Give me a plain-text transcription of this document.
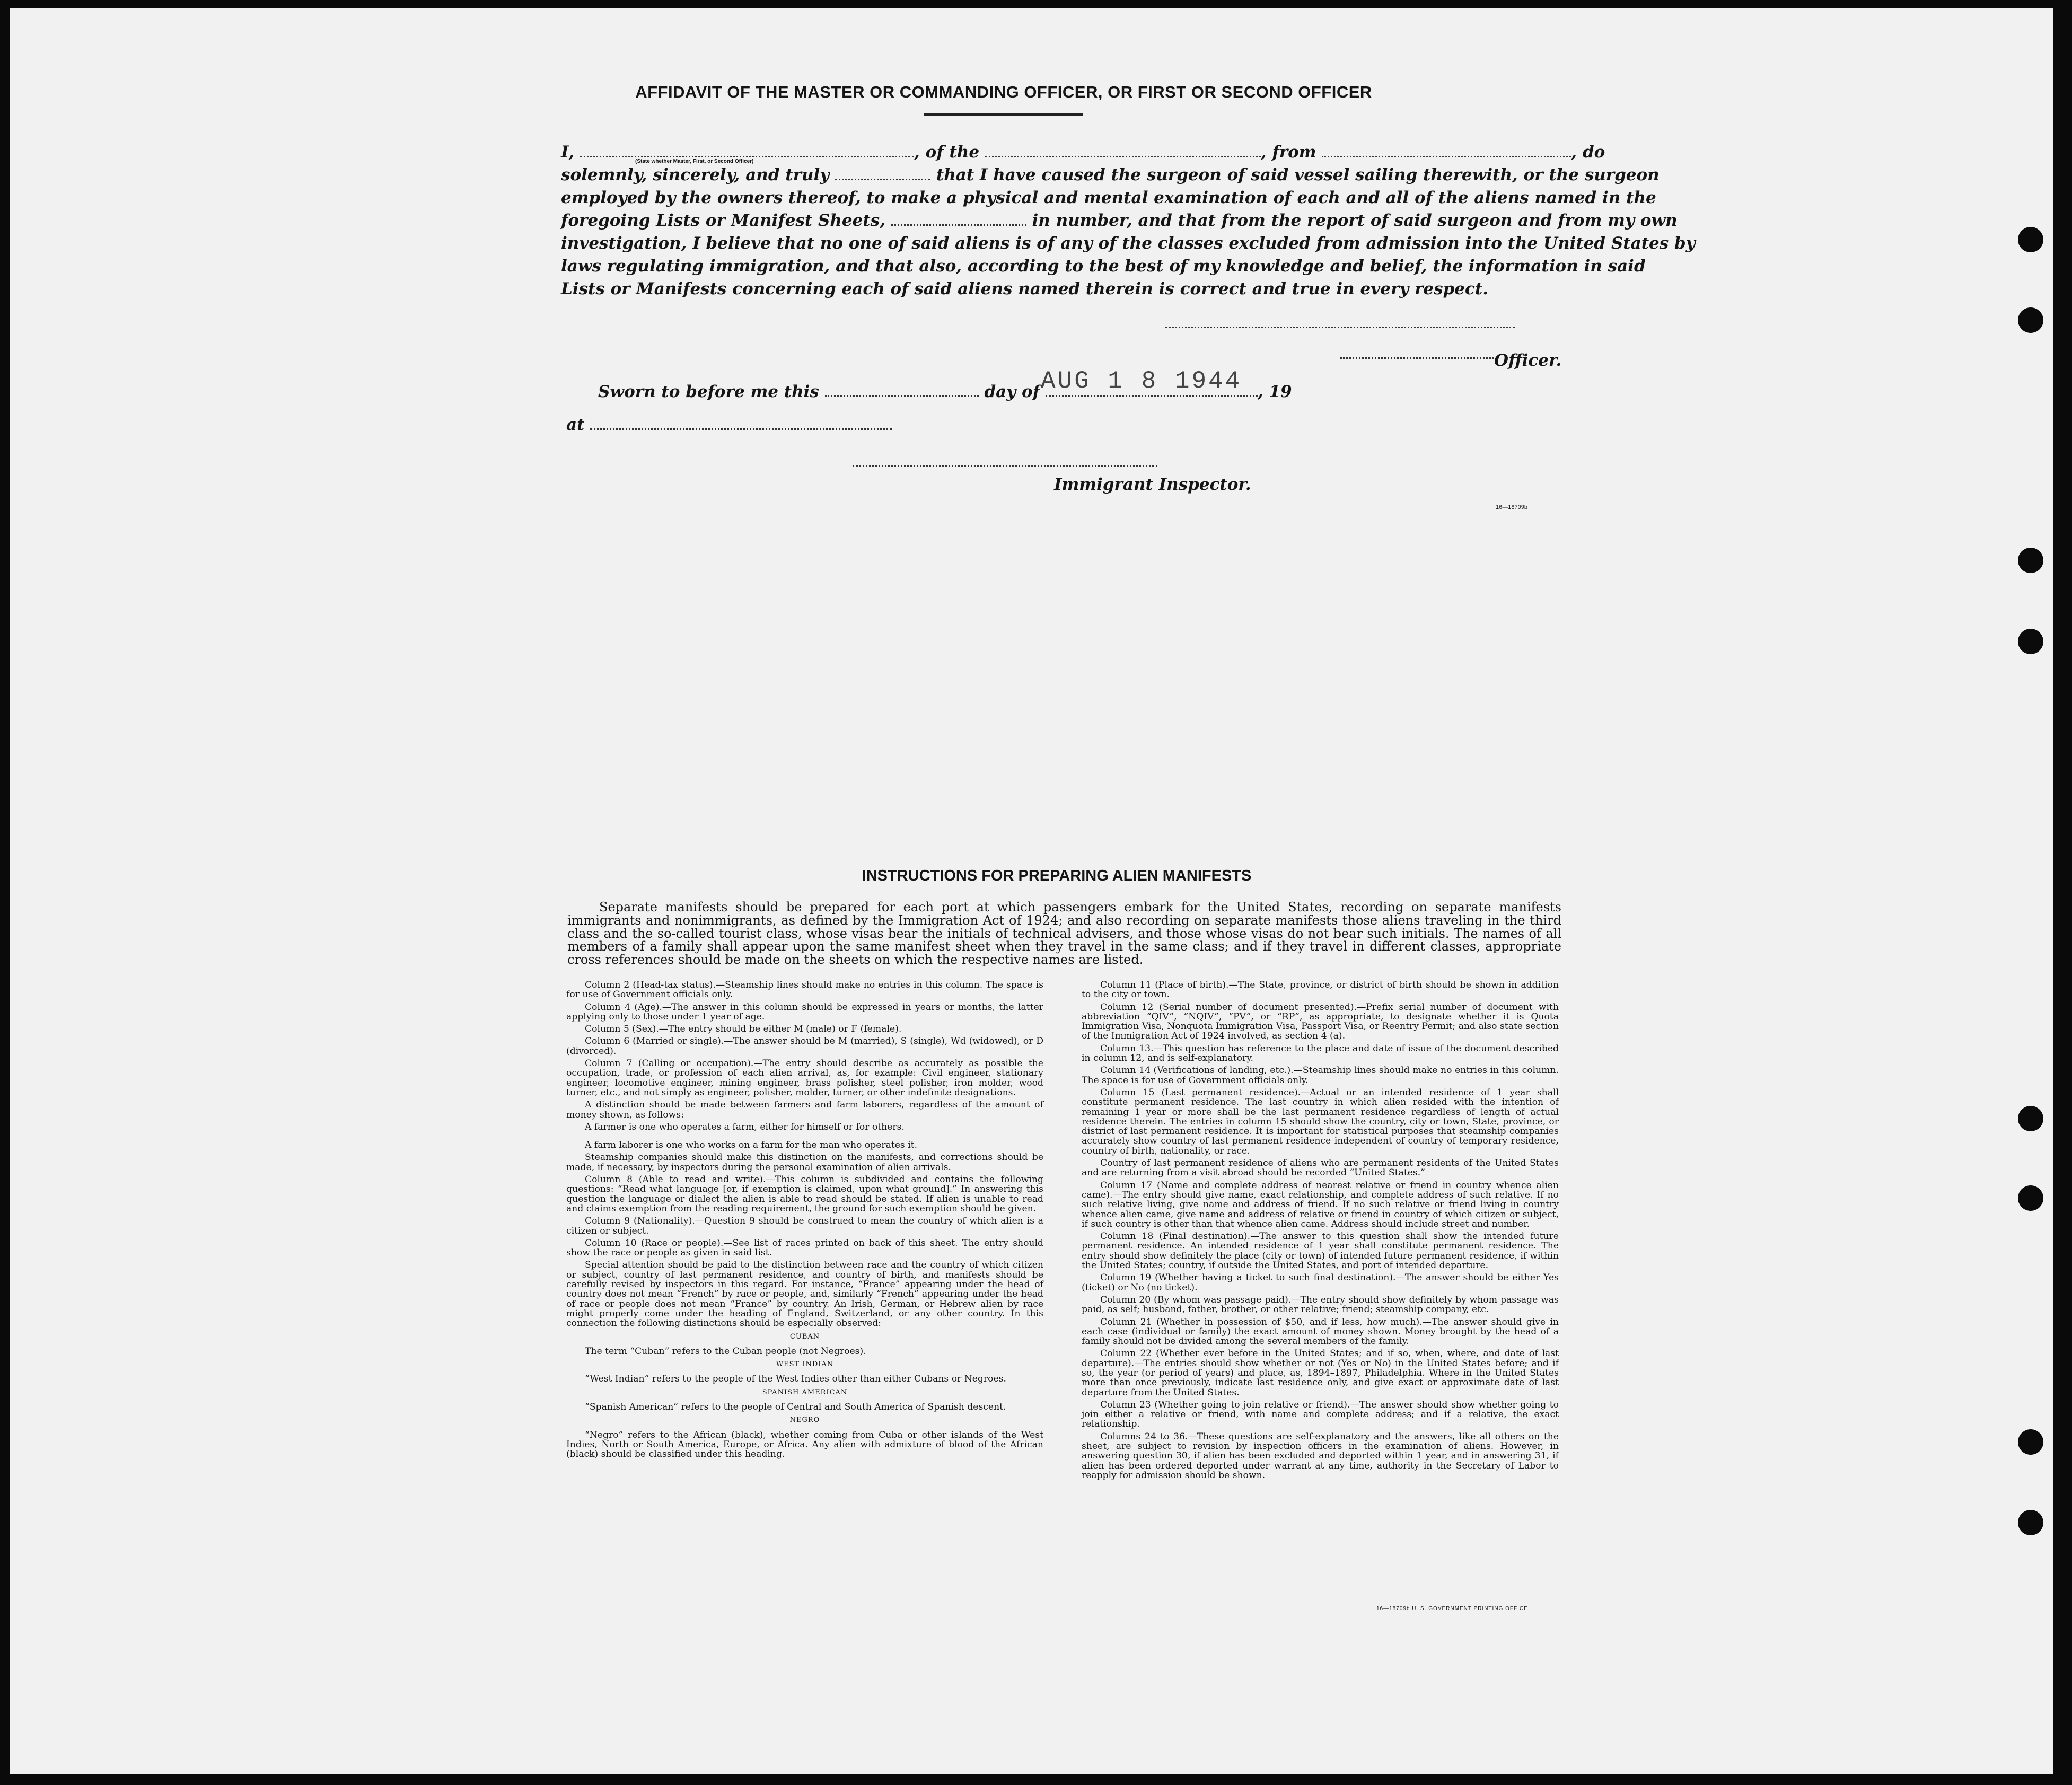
AFFIDAVIT OF THE MASTER OR COMMANDING OFFICER, OR FIRST OR SECOND OFFICER
I,	, of the	, from	, do
solemnly, sincerely, and truly	that I have caused the surgeon of said vessel sailing therewith, or the surgeon
employed by the owners thereof, to make a physical and mental examination of each and all of the aliens named in the
foregoing Lists or Manifest Sheets,	in number, and that from the report of said surgeon and from my own
investigation, I believe that no one of said aliens is of any of the classes excluded from admission into the United States by
laws regulating immigration, and that also, according to the best of my knowledge and belief, the information in said
Lists or Manifests concerning each of said aliens named therein is correct and true in every respect.
(State whether Master, First, or Second Officer)
Officer.
Sworn to before me this	day of	, 19
AUG 1 8 1944
at
Immigrant Inspector.
16—18709b
INSTRUCTIONS FOR PREPARING ALIEN MANIFESTS
Separate manifests should be prepared for each port at which passengers embark for the United States, recording on separate manifests immigrants and nonimmigrants, as defined by the Immigration Act of 1924; and also recording on separate manifests those aliens traveling in the third class and the so-called tourist class, whose visas bear the initials of technical advisers, and those whose visas do not bear such initials. The names of all members of a family shall appear upon the same manifest sheet when they travel in the same class; and if they travel in different classes, appropriate cross references should be made on the sheets on which the respective names are listed.

Column 2 (Head-tax status).—Steamship lines should make no entries in this column. The space is for use of Government officials only.

Column 4 (Age).—The answer in this column should be expressed in years or months, the latter applying only to those under 1 year of age.

Column 5 (Sex).—The entry should be either M (male) or F (female).

Column 6 (Married or single).—The answer should be M (married), S (single), Wd (widowed), or D (divorced).

Column 7 (Calling or occupation).—The entry should describe as accurately as possible the occupation, trade, or profession of each alien arrival, as, for example: Civil engineer, stationary engineer, locomotive engineer, mining engineer, brass polisher, steel polisher, iron molder, wood turner, etc., and not simply as engineer, polisher, molder, turner, or other indefinite designations.

A distinction should be made between farmers and farm laborers, regardless of the amount of money shown, as follows:

A farmer is one who operates a farm, either for himself or for others.

A farm laborer is one who works on a farm for the man who operates it.

Steamship companies should make this distinction on the manifests, and corrections should be made, if necessary, by inspectors during the personal examination of alien arrivals.

Column 8 (Able to read and write).—This column is subdivided and contains the following questions: “Read what language [or, if exemption is claimed, upon what ground].” In answering this question the language or dialect the alien is able to read should be stated. If alien is unable to read and claims exemption from the reading requirement, the ground for such exemption should be given.

Column 9 (Nationality).—Question 9 should be construed to mean the country of which alien is a citizen or subject.

Column 10 (Race or people).—See list of races printed on back of this sheet. The entry should show the race or people as given in said list.

Special attention should be paid to the distinction between race and the country of which citizen or subject, country of last permanent residence, and country of birth, and manifests should be carefully revised by inspectors in this regard. For instance, “France” appearing under the head of country does not mean “French” by race or people, and, similarly “French” appearing under the head of race or people does not mean “France” by country. An Irish, German, or Hebrew alien by race might properly come under the heading of England, Switzerland, or any other country. In this connection the following distinctions should be especially observed:

CUBAN

The term “Cuban” refers to the Cuban people (not Negroes).

WEST INDIAN

“West Indian” refers to the people of the West Indies other than either Cubans or Negroes.

SPANISH AMERICAN

“Spanish American” refers to the people of Central and South America of Spanish descent.

NEGRO

“Negro” refers to the African (black), whether coming from Cuba or other islands of the West Indies, North or South America, Europe, or Africa. Any alien with admixture of blood of the African (black) should be classified under this heading.

Column 11 (Place of birth).—The State, province, or district of birth should be shown in addition to the city or town.

Column 12 (Serial number of document presented).—Prefix serial number of document with abbreviation “QIV”, “NQIV”, “PV”, or “RP”, as appropriate, to designate whether it is Quota Immigration Visa, Nonquota Immigration Visa, Passport Visa, or Reentry Permit; and also state section of the Immigration Act of 1924 involved, as section 4 (a).

Column 13.—This question has reference to the place and date of issue of the document described in column 12, and is self-explanatory.

Column 14 (Verifications of landing, etc.).—Steamship lines should make no entries in this column. The space is for use of Government officials only.

Column 15 (Last permanent residence).—Actual or an intended residence of 1 year shall constitute permanent residence. The last country in which alien resided with the intention of remaining 1 year or more shall be the last permanent residence regardless of length of actual residence therein. The entries in column 15 should show the country, city or town, State, province, or district of last permanent residence. It is important for statistical purposes that steamship companies accurately show country of last permanent residence independent of country of temporary residence, country of birth, nationality, or race.

Country of last permanent residence of aliens who are permanent residents of the United States and are returning from a visit abroad should be recorded “United States.”

Column 17 (Name and complete address of nearest relative or friend in country whence alien came).—The entry should give name, exact relationship, and complete address of such relative. If no such relative living, give name and address of friend. If no such relative or friend living in country whence alien came, give name and address of relative or friend in country of which citizen or subject, if such country is other than that whence alien came. Address should include street and number.

Column 18 (Final destination).—The answer to this question shall show the intended future permanent residence. An intended residence of 1 year shall constitute permanent residence. The entry should show definitely the place (city or town) of intended future permanent residence, if within the United States; country, if outside the United States, and port of intended departure.

Column 19 (Whether having a ticket to such final destination).—The answer should be either Yes (ticket) or No (no ticket).

Column 20 (By whom was passage paid).—The entry should show definitely by whom passage was paid, as self; husband, father, brother, or other relative; friend; steamship company, etc.

Column 21 (Whether in possession of $50, and if less, how much).—The answer should give in each case (individual or family) the exact amount of money shown. Money brought by the head of a family should not be divided among the several members of the family.

Column 22 (Whether ever before in the United States; and if so, when, where, and date of last departure).—The entries should show whether or not (Yes or No) in the United States before; and if so, the year (or period of years) and place, as, 1894–1897, Philadelphia. Where in the United States more than once previously, indicate last residence only, and give exact or approximate date of last departure from the United States.

Column 23 (Whether going to join relative or friend).—The answer should show whether going to join either a relative or friend, with name and complete address; and if a relative, the exact relationship.

Columns 24 to 36.—These questions are self-explanatory and the answers, like all others on the sheet, are subject to revision by inspection officers in the examination of aliens. However, in answering question 30, if alien has been excluded and deported within 1 year, and in answering 31, if alien has been ordered deported under warrant at any time, authority in the Secretary of Labor to reapply for admission should be shown.

16—18709b U. S. GOVERNMENT PRINTING OFFICE
